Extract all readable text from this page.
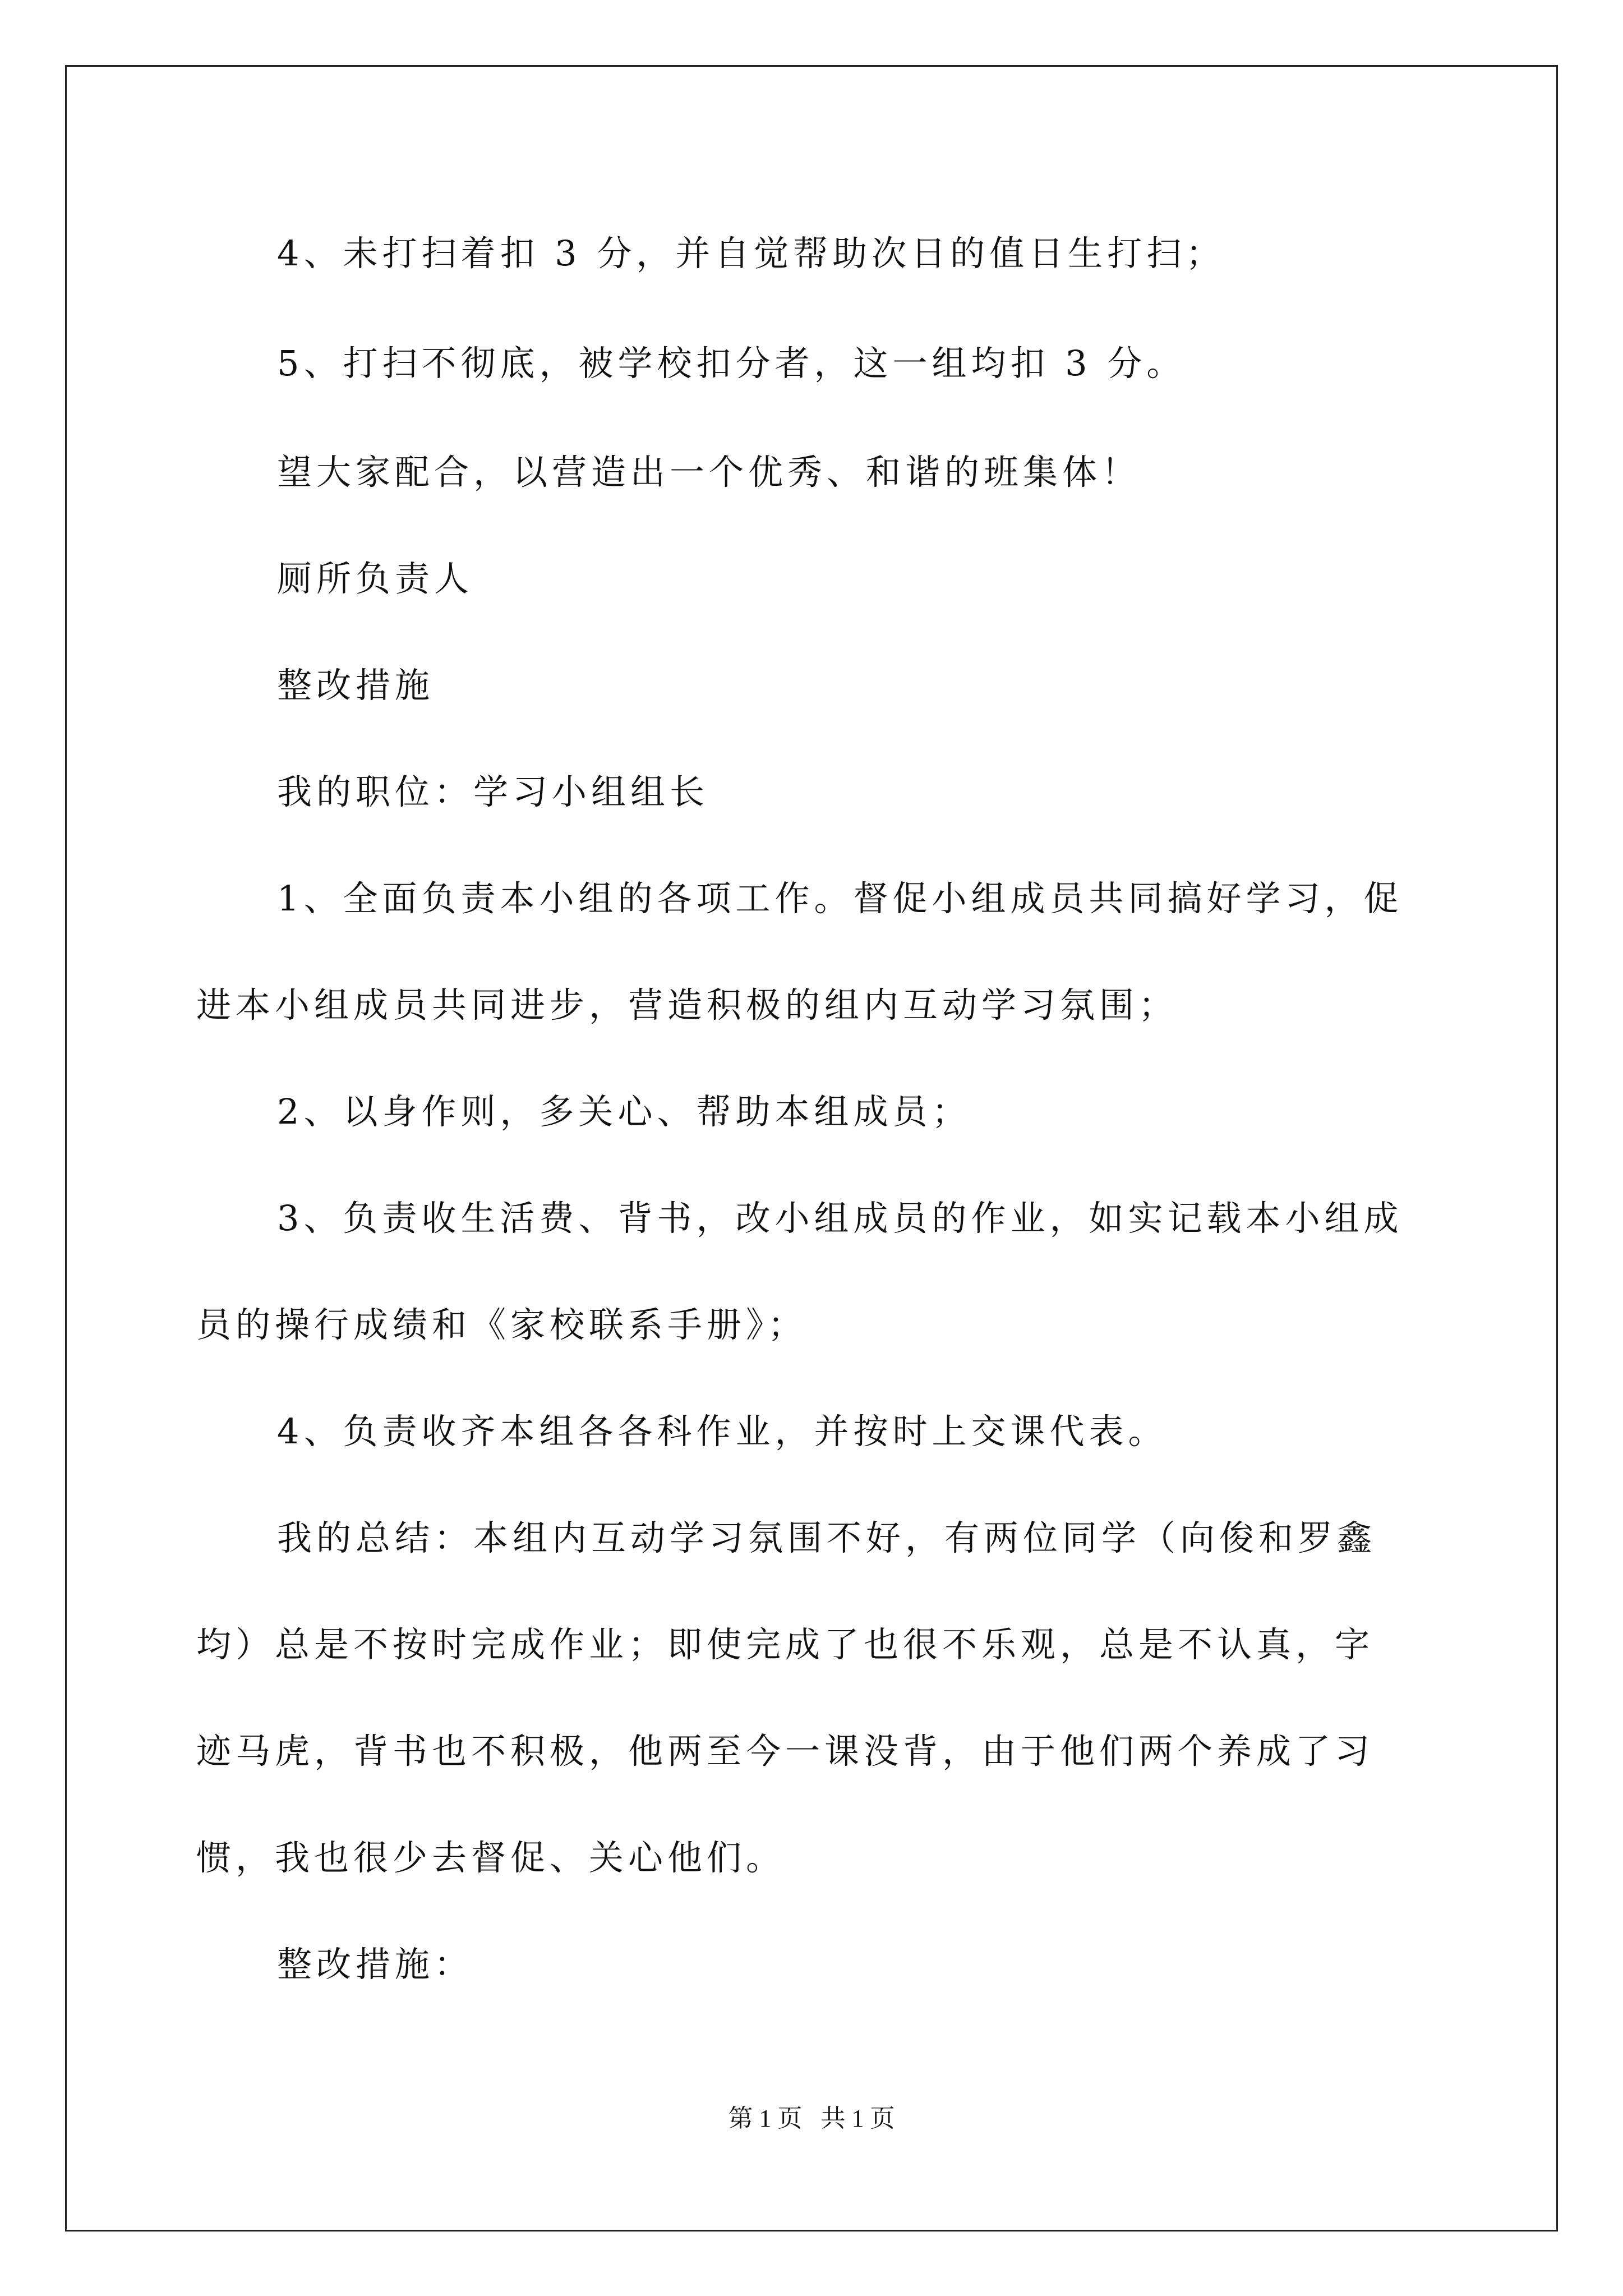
4、未打扫着扣 3 分，并自觉帮助次日的值日生打扫；

5、打扫不彻底，被学校扣分者，这一组均扣 3 分。

望大家配合，以营造出一个优秀、和谐的班集体！

厕所负责人

整改措施

我的职位：学习小组组长

1、全面负责本小组的各项工作。督促小组成员共同搞好学习，促

进本小组成员共同进步，营造积极的组内互动学习氛围；

2、以身作则，多关心、帮助本组成员；

3、负责收生活费、背书，改小组成员的作业，如实记载本小组成

员的操行成绩和《家校联系手册》；

4、负责收齐本组各各科作业，并按时上交课代表。

我的总结：本组内互动学习氛围不好，有两位同学（向俊和罗鑫

均）总是不按时完成作业；即使完成了也很不乐观，总是不认真，字

迹马虎，背书也不积极，他两至今一课没背，由于他们两个养成了习

惯，我也很少去督促、关心他们。

整改措施：

第 1 页   共 1 页
